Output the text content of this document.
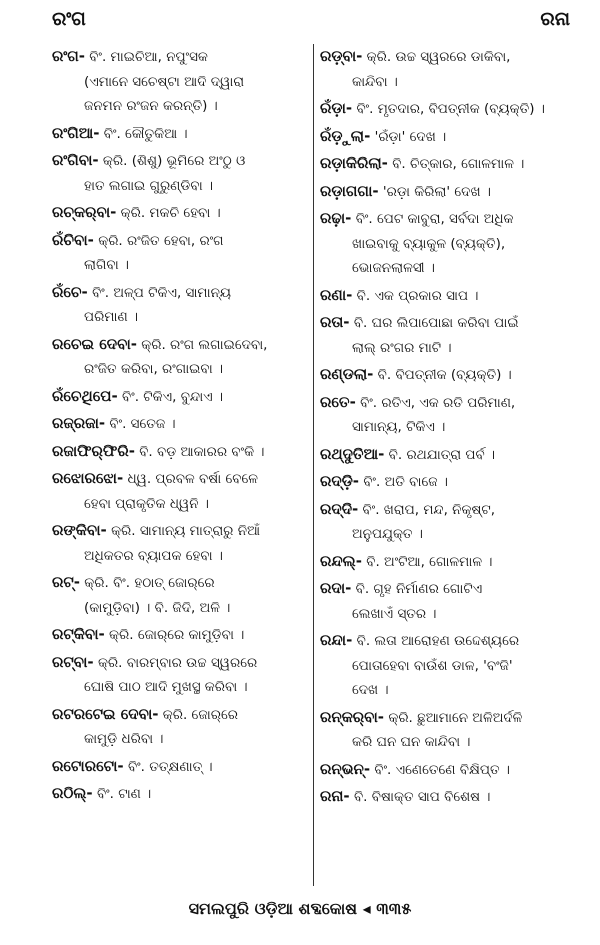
ରଂଗ	ରନା
ରଂଗ- ବିଂ. ମାଇଚିଆ, ନପୁଂସକ
(ଏମାନେ ସଚେଷ୍ଟା ଆଦି ଦ୍ୱାରା
ଜନମନ ରଂଜନ କରନ୍ତି) ।
ରଂଗିଆ- ବିଂ. କୌତୁକିଆ ।
ରଂଗିବା- କ୍ରି. (ଶିଶୁ) ଭୂମିରେ ଅଂଠୁ ଓ
ହାତ ଲଗାଇ ଗୁରୁଣ୍ଡିବା ।
ରଚ୍‌କର୍‌ବା- କ୍ରି. ମକଚି ହେବା ।
ରଁଚିବା- କ୍ରି. ରଂଜିତ ହେବା, ରଂଗ
ଲାଗିବା ।
ରଁଚେ- ବିଂ. ଅଳ୍ପ ଟିକିଏ, ସାମାନ୍ୟ
ପରିମାଣ ।
ରଚେଇ ଦେବା- କ୍ରି. ରଂଗ ଲଗାଇଦେବା,
ରଂଜିତ କରିବା, ରଂଗାଇବା ।
ରଁଚେଥିପେ- ବିଂ. ଟିକିଏ, ବୁନ୍ଦାଏ ।
ରଜ୍‌ରଜା- ବିଂ. ସତେଜ ।
ରଜାଫିର୍‌ଫିରି- ବି. ବଡ଼ ଆକାରର ବଂକି ।
ରଝୋରଝୋ- ଧ୍ୱ. ପ୍ରବଳ ବର୍ଷା ବେଳେ
ହେବା ପ୍ରାକୃତିକ ଧ୍ୱନି ।
ରଙ୍କିବା- କ୍ରି. ସାମାନ୍ୟ ମାତ୍ରାରୁ ନିଆଁ
ଅଧିକତର ବ୍ୟାପକ ହେବା ।
ରଟ୍- କ୍ରି. ବିଂ. ହଠାତ୍ ଜୋର୍‌ରେ
(କାମୁଡ଼ିବା) । ବି. ଜିଦି, ଅଳି ।
ରଟ୍‌କିବା- କ୍ରି. ଜୋର୍‌ରେ କାମୁଡ଼ିବା ।
ରଟ୍‌ବା- କ୍ରି. ବାରମ୍ବାର ଉଚ୍ଚ ସ୍ୱରରେ
ଘୋଷି ପାଠ ଆଦି ମୁଖସ୍ଥ କରିବା ।
ରଟରଟେଇ ଦେବା- କ୍ରି. ଜୋର୍‌ରେ
କାମୁଡ଼ି ଧରିବା ।
ରଟୋରଟୋ- ବିଂ. ତତ୍‌କ୍ଷଣାତ୍ ।
ରଠିଲ୍- ବିଂ. ଟାଣ ।
ରଡ଼୍‌ବା- କ୍ରି. ଉଚ୍ଚ ସ୍ୱରରେ ଡାକିବା,
କାନ୍ଦିବା ।
ରଁଡ଼ା- ବିଂ. ମୃତଦାର, ବିପତ୍ନୀକ (ବ୍ୟକ୍ତି) ।
ରଁଡ଼ୁଲା- 'ରଁଡ଼ା' ଦେଖ ।
ରଡ଼ାକିରିଲା- ବି. ଚିତ୍କାର, ଗୋଳମାଳ ।
ରଡ଼ାଗଗା- 'ରଡ଼ା କିରିଲା' ଦେଖ ।
ରଢ଼ା- ବିଂ. ପେଟ କାବୁରା, ସର୍ବଦା ଅଧିକ
ଖାଇବାକୁ ବ୍ୟାକୁଳ (ବ୍ୟକ୍ତି),
ଭୋଜନଲାଳସୀ ।
ରଣା- ବି. ଏକ ପ୍ରକାର ସାପ ।
ରତା- ବି. ଘର ଲିପାପୋଛା କରିବା ପାଇଁ
ଲାଲ୍ ରଂଗର ମାଟି ।
ରଣ୍ଡଲା- ବି. ବିପତ୍ନୀକ (ବ୍ୟକ୍ତି) ।
ରତେ- ବିଂ. ରତିଏ, ଏକ ରତି ପରିମାଣ,
ସାମାନ୍ୟ, ଟିକିଏ ।
ରଥ୍‌ଦୁତିଆ- ବି. ରଥଯାତ୍ରା ପର୍ବ ।
ରଦ୍‌ଡ଼ି- ବିଂ. ଅତି ବାଜେ ।
ରଦ୍‌ଦି- ବିଂ. ଖରାପ, ମନ୍ଦ, ନିକୃଷ୍ଟ,
ଅନୁପଯୁକ୍ତ ।
ରନ୍ଦଲ୍- ବି. ଅଂଟିଆ, ଗୋଳମାଳ ।
ରଦା- ବି. ଗୃହ ନିର୍ମାଣର ଗୋଟିଏ
ଲେଖାଏଁ ସ୍ତର ।
ରନ୍ଦା- ବି. ଲତା ଆରୋହଣ ଉଦ୍ଦେଶ୍ୟରେ
ପୋତାହେବା ବାଉଁଶ ଡାଳ, 'ବଂଜି'
ଦେଖ ।
ରନ୍‌କର୍‌ବା- କ୍ରି. ଛୁଆମାନେ ଅଳିଅର୍ଦଳି
କରି ଘନ ଘନ କାନ୍ଦିବା ।
ରନ୍‌ଭନ୍- ବିଂ. ଏଣେତେଣେ ବିକ୍ଷିପ୍ତ ।
ରନା- ବି. ବିଷାକ୍ତ ସାପ ବିଶେଷ ।
ସମଲପୁରି ଓଡ଼ିଆ ଶବ୍ଦକୋଷ ◂ ୩୩୫
